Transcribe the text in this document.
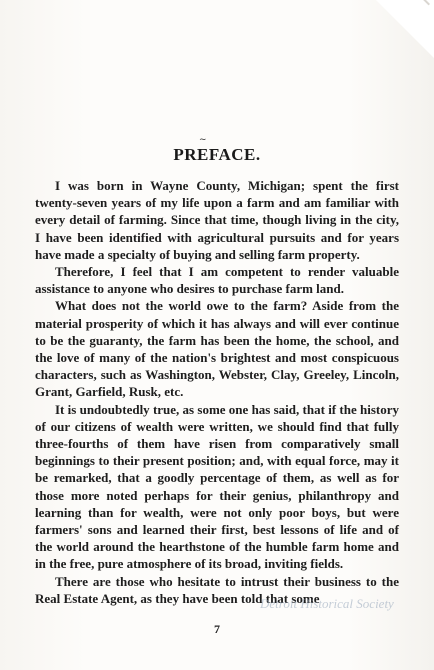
~
PREFACE.

I was born in Wayne County, Michigan; spent the first twenty-seven years of my life upon a farm and am familiar with every detail of farming. Since that time, though living in the city, I have been identified with agricultural pursuits and for years have made a specialty of buying and selling farm property.

Therefore, I feel that I am competent to render valuable assistance to anyone who desires to purchase farm land.

What does not the world owe to the farm? Aside from the material prosperity of which it has always and will ever continue to be the guaranty, the farm has been the home, the school, and the love of many of the nation's brightest and most conspicuous characters, such as Washington, Webster, Clay, Greeley, Lincoln, Grant, Garfield, Rusk, etc.

It is undoubtedly true, as some one has said, that if the history of our citizens of wealth were written, we should find that fully three-fourths of them have risen from comparatively small beginnings to their present position; and, with equal force, may it be remarked, that a goodly percentage of them, as well as for those more noted perhaps for their genius, philanthropy and learning than for wealth, were not only poor boys, but were farmers' sons and learned their first, best lessons of life and of the world around the hearthstone of the humble farm home and in the free, pure atmosphere of its broad, inviting fields.

There are those who hesitate to intrust their business to the Real Estate Agent, as they have been told that some

Detroit Historical Society
7
